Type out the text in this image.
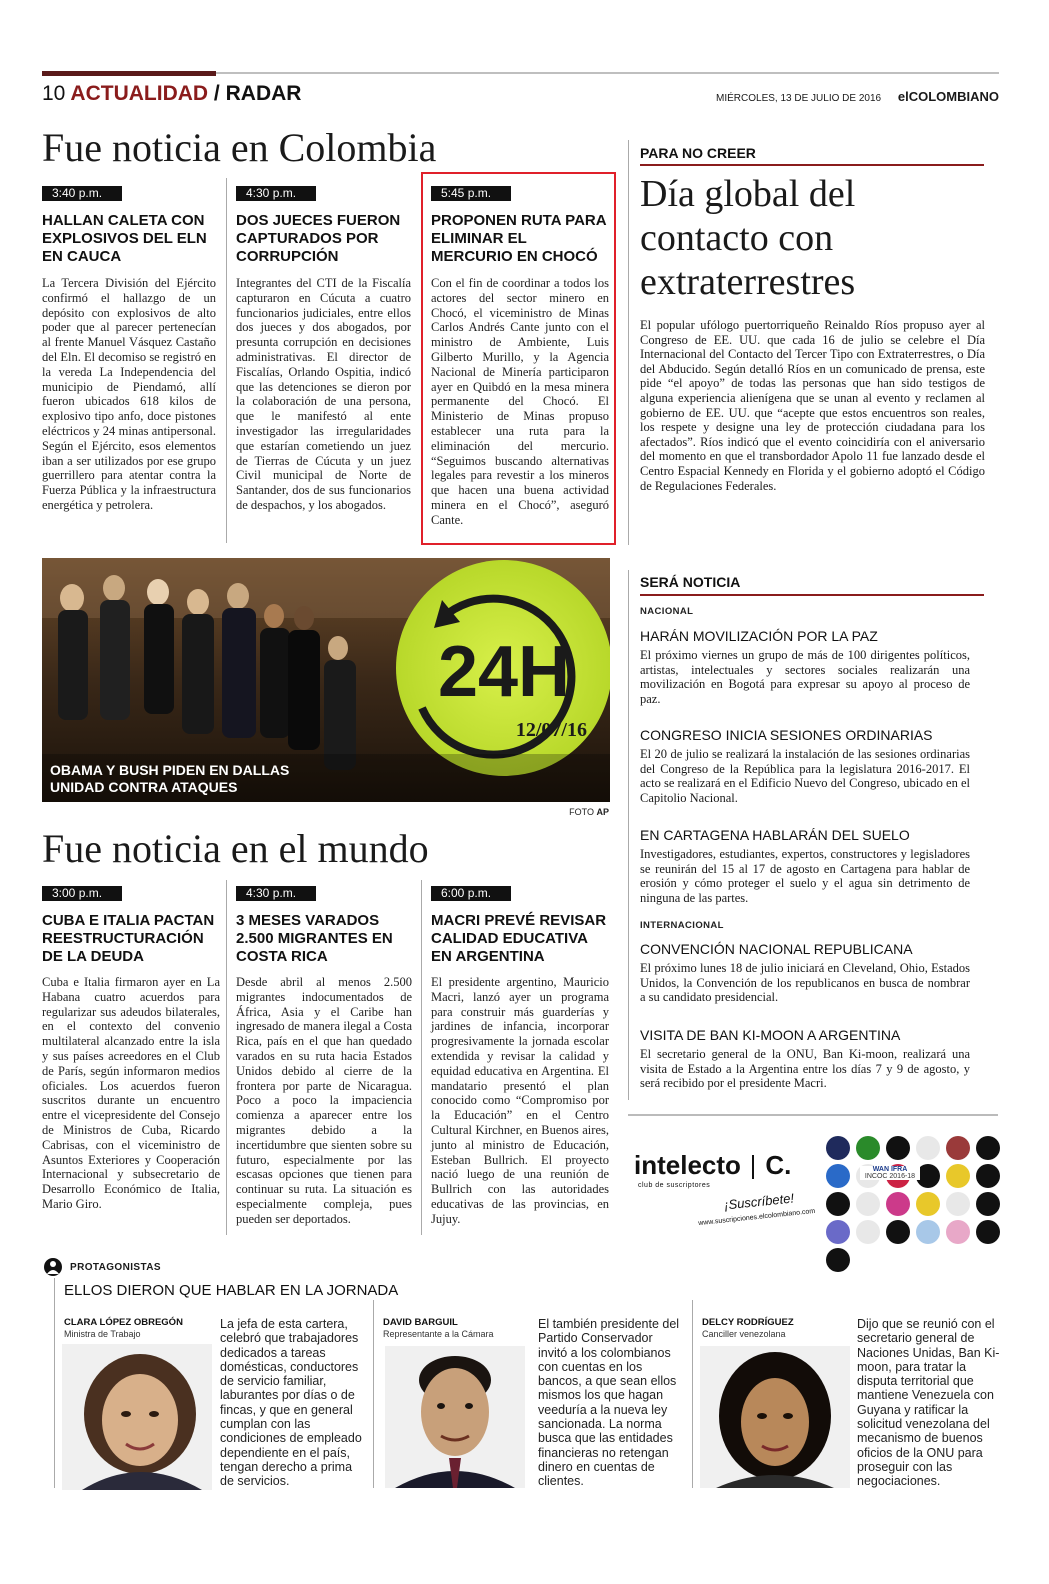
10 ACTUALIDAD / RADAR	MIÉRCOLES, 13 DE JULIO DE 2016 elCOLOMBIANO
Fue noticia en Colombia
3:40 p.m.
HALLAN CALETA CON EXPLOSIVOS DEL ELN EN CAUCA
La Tercera División del Ejército confirmó el hallazgo de un depósito con explosivos de alto poder que al parecer pertenecían al frente Manuel Vásquez Castaño del Eln. El decomiso se registró en la vereda La Independencia del municipio de Piendamó, allí fueron ubicados 618 kilos de explosivo tipo anfo, doce pistones eléctricos y 24 minas antipersonal. Según el Ejército, esos elementos iban a ser utilizados por ese grupo guerrillero para atentar contra la Fuerza Pública y la infraestructura energética y petrolera.
4:30 p.m.
DOS JUECES FUERON CAPTURADOS POR CORRUPCIÓN
Integrantes del CTI de la Fiscalía capturaron en Cúcuta a cuatro funcionarios judiciales, entre ellos dos jueces y dos abogados, por presunta corrupción en decisiones administrativas. El director de Fiscalías, Orlando Ospitia, indicó que las detenciones se dieron por la colaboración de una persona, que le manifestó al ente investigador las irregularidades que estarían cometiendo un juez de Tierras de Cúcuta y un juez Civil municipal de Norte de Santander, dos de sus funcionarios de despachos, y los abogados.
5:45 p.m.
PROPONEN RUTA PARA ELIMINAR EL MERCURIO EN CHOCÓ
Con el fin de coordinar a todos los actores del sector minero en Chocó, el viceministro de Minas Carlos Andrés Cante junto con el ministro de Ambiente, Luis Gilberto Murillo, y la Agencia Nacional de Minería participaron ayer en Quibdó en la mesa minera permanente del Chocó. El Ministerio de Minas propuso establecer una ruta para la eliminación del mercurio. “Seguimos buscando alternativas legales para revestir a los mineros que hacen una buena actividad minera en el Chocó”, aseguró Cante.
PARA NO CREER
Día global del contacto con extraterrestres
El popular ufólogo puertorriqueño Reinaldo Ríos propuso ayer al Congreso de EE. UU. que cada 16 de julio se celebre el Día Internacional del Contacto del Tercer Tipo con Extraterrestres, o Día del Abducido. Según detalló Ríos en un comunicado de prensa, este pide “el apoyo” de todas las personas que han sido testigos de alguna experiencia alienígena que se unan al evento y reclamen al gobierno de EE. UU. que “acepte que estos encuentros son reales, los respete y designe una ley de protección ciudadana para los afectados”. Ríos indicó que el evento coincidiría con el aniversario del momento en que el transbordador Apolo 11 fue lanzado desde el Centro Espacial Kennedy en Florida y el gobierno adoptó el Código de Regulaciones Federales.
24H
12/07/16
OBAMA Y BUSH PIDEN EN DALLAS
UNIDAD CONTRA ATAQUES
FOTO AP
SERÁ NOTICIA
NACIONAL
HARÁN MOVILIZACIÓN POR LA PAZ
El próximo viernes un grupo de más de 100 dirigentes políticos, artistas, intelectuales y sectores sociales realizarán una movilización en Bogotá para expresar su apoyo al proceso de paz.
CONGRESO INICIA SESIONES ORDINARIAS
El 20 de julio se realizará la instalación de las sesiones ordinarias del Congreso de la República para la legislatura 2016-2017. El acto se realizará en el Edificio Nuevo del Congreso, ubicado en el Capitolio Nacional.
EN CARTAGENA HABLARÁN DEL SUELO
Investigadores, estudiantes, expertos, constructores y legisladores se reunirán del 15 al 17 de agosto en Cartagena para hablar de erosión y cómo proteger el suelo y el agua sin detrimento de ninguna de las partes.
INTERNACIONAL
CONVENCIÓN NACIONAL REPUBLICANA
El próximo lunes 18 de julio iniciará en Cleveland, Ohio, Estados Unidos, la Convención de los republicanos en busca de nombrar a su candidato presidencial.
VISITA DE BAN KI-MOON A ARGENTINA
El secretario general de la ONU, Ban Ki-moon, realizará una visita de Estado a la Argentina entre los días 7 y 9 de agosto, y será recibido por el presidente Macri.
Fue noticia en el mundo
3:00 p.m.
CUBA E ITALIA PACTAN REESTRUCTURACIÓN DE LA DEUDA
Cuba e Italia firmaron ayer en La Habana cuatro acuerdos para regularizar sus adeudos bilaterales, en el contexto del convenio multilateral alcanzado entre la isla y sus países acreedores en el Club de París, según informaron medios oficiales. Los acuerdos fueron suscritos durante un encuentro entre el vicepresidente del Consejo de Ministros de Cuba, Ricardo Cabrisas, con el viceministro de Asuntos Exteriores y Cooperación Internacional y subsecretario de Desarrollo Económico de Italia, Mario Giro.
4:30 p.m.
3 MESES VARADOS 2.500 MIGRANTES EN COSTA RICA
Desde abril al menos 2.500 migrantes indocumentados de África, Asia y el Caribe han ingresado de manera ilegal a Costa Rica, país en el que han quedado varados en su ruta hacia Estados Unidos debido al cierre de la frontera por parte de Nicaragua. Poco a poco la impaciencia comienza a aparecer entre los migrantes debido a la incertidumbre que sienten sobre su futuro, especialmente por las escasas opciones que tienen para continuar su ruta. La situación es especialmente compleja, pues pueden ser deportados.
6:00 p.m.
MACRI PREVÉ REVISAR CALIDAD EDUCATIVA EN ARGENTINA
El presidente argentino, Mauricio Macri, lanzó ayer un programa para construir más guarderías y jardines de infancia, incorporar progresivamente la jornada escolar extendida y revisar la calidad y equidad educativa en Argentina. El mandatario presentó el plan conocido como “Compromiso por la Educación” en el Centro Cultural Kirchner, en Buenos aires, junto al ministro de Educación, Esteban Bullrich. El proyecto nació luego de una reunión de Bullrich con las autoridades educativas de las provincias, en Jujuy.
intelecto C.
club de suscriptores
¡Suscríbete!
www.suscripciones.elcolombiano.com
WAN IFRA
INCOC 2016-18
PROTAGONISTAS
ELLOS DIERON QUE HABLAR EN LA JORNADA
CLARA LÓPEZ OBREGÓN
Ministra de Trabajo
La jefa de esta cartera, celebró que trabajadores dedicados a tareas domésticas, conductores de servicio familiar, laburantes por días o de fincas, y que en general cumplan con las condiciones de empleado dependiente en el país, tengan derecho a prima de servicios.
DAVID BARGUIL
Representante a la Cámara
El también presidente del Partido Conservador invitó a los colombianos con cuentas en los bancos, a que sean ellos mismos los que hagan veeduría a la nueva ley sancionada. La norma busca que las entidades financieras no retengan dinero en cuentas de clientes.
DELCY RODRÍGUEZ
Canciller venezolana
Dijo que se reunió con el secretario general de Naciones Unidas, Ban Ki-moon, para tratar la disputa territorial que mantiene Venezuela con Guyana y ratificar la solicitud venezolana del mecanismo de buenos oficios de la ONU para proseguir con las negociaciones.
